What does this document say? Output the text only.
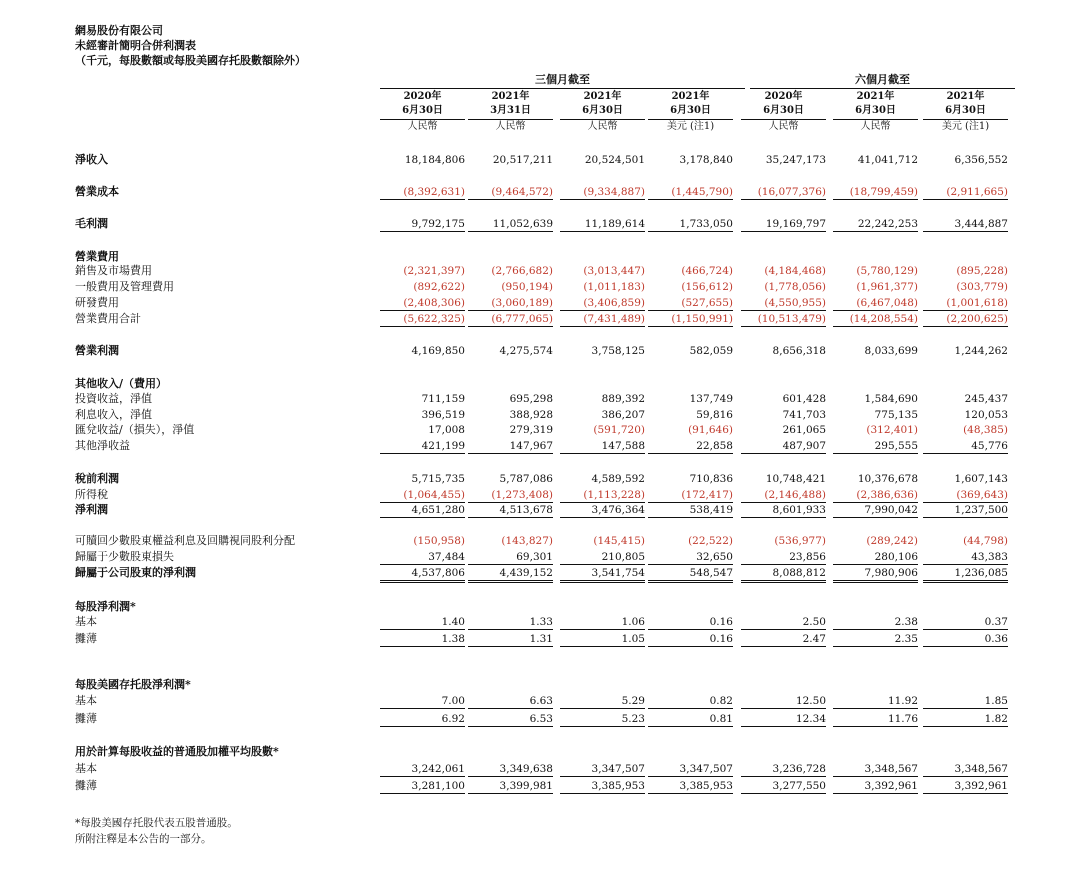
網易股份有限公司
未經審計簡明合併利潤表
（千元，每股數額或每股美國存托股數額除外）
三個月截至	六個月截至
2020年
6月30日
人民幣
2021年
3月31日
人民幣
2021年
6月30日
人民幣
2021年
6月30日
美元 (注1)
2020年
6月30日
人民幣
2021年
6月30日
人民幣
2021年
6月30日
美元 (注1)
淨收入	18,184,806	20,517,211	20,524,501	3,178,840	35,247,173	41,041,712	6,356,552
營業成本	(8,392,631)	(9,464,572)	(9,334,887)	(1,445,790)	(16,077,376)	(18,799,459)	(2,911,665)
毛利潤	9,792,175	11,052,639	11,189,614	1,733,050	19,169,797	22,242,253	3,444,887
營業費用
銷售及市場費用	(2,321,397)	(2,766,682)	(3,013,447)	(466,724)	(4,184,468)	(5,780,129)	(895,228)
一般費用及管理費用	(892,622)	(950,194)	(1,011,183)	(156,612)	(1,778,056)	(1,961,377)	(303,779)
研發費用	(2,408,306)	(3,060,189)	(3,406,859)	(527,655)	(4,550,955)	(6,467,048)	(1,001,618)
營業費用合計	(5,622,325)	(6,777,065)	(7,431,489)	(1,150,991)	(10,513,479)	(14,208,554)	(2,200,625)
營業利潤	4,169,850	4,275,574	3,758,125	582,059	8,656,318	8,033,699	1,244,262
其他收入/（費用）
投資收益，淨值	711,159	695,298	889,392	137,749	601,428	1,584,690	245,437
利息收入，淨值	396,519	388,928	386,207	59,816	741,703	775,135	120,053
匯兌收益/（損失），淨值	17,008	279,319	(591,720)	(91,646)	261,065	(312,401)	(48,385)
其他淨收益	421,199	147,967	147,588	22,858	487,907	295,555	45,776
稅前利潤	5,715,735	5,787,086	4,589,592	710,836	10,748,421	10,376,678	1,607,143
所得稅	(1,064,455)	(1,273,408)	(1,113,228)	(172,417)	(2,146,488)	(2,386,636)	(369,643)
淨利潤	4,651,280	4,513,678	3,476,364	538,419	8,601,933	7,990,042	1,237,500
可贖回少數股東權益利息及回購視同股利分配	(150,958)	(143,827)	(145,415)	(22,522)	(536,977)	(289,242)	(44,798)
歸屬于少數股東損失	37,484	69,301	210,805	32,650	23,856	280,106	43,383
歸屬于公司股東的淨利潤	4,537,806	4,439,152	3,541,754	548,547	8,088,812	7,980,906	1,236,085
每股淨利潤*
基本	1.40	1.33	1.06	0.16	2.50	2.38	0.37
攤薄	1.38	1.31	1.05	0.16	2.47	2.35	0.36
每股美國存托股淨利潤*
基本	7.00	6.63	5.29	0.82	12.50	11.92	1.85
攤薄	6.92	6.53	5.23	0.81	12.34	11.76	1.82
用於計算每股收益的普通股加權平均股數*
基本	3,242,061	3,349,638	3,347,507	3,347,507	3,236,728	3,348,567	3,348,567
攤薄	3,281,100	3,399,981	3,385,953	3,385,953	3,277,550	3,392,961	3,392,961
*每股美國存托股代表五股普通股。
所附注釋是本公告的一部分。
